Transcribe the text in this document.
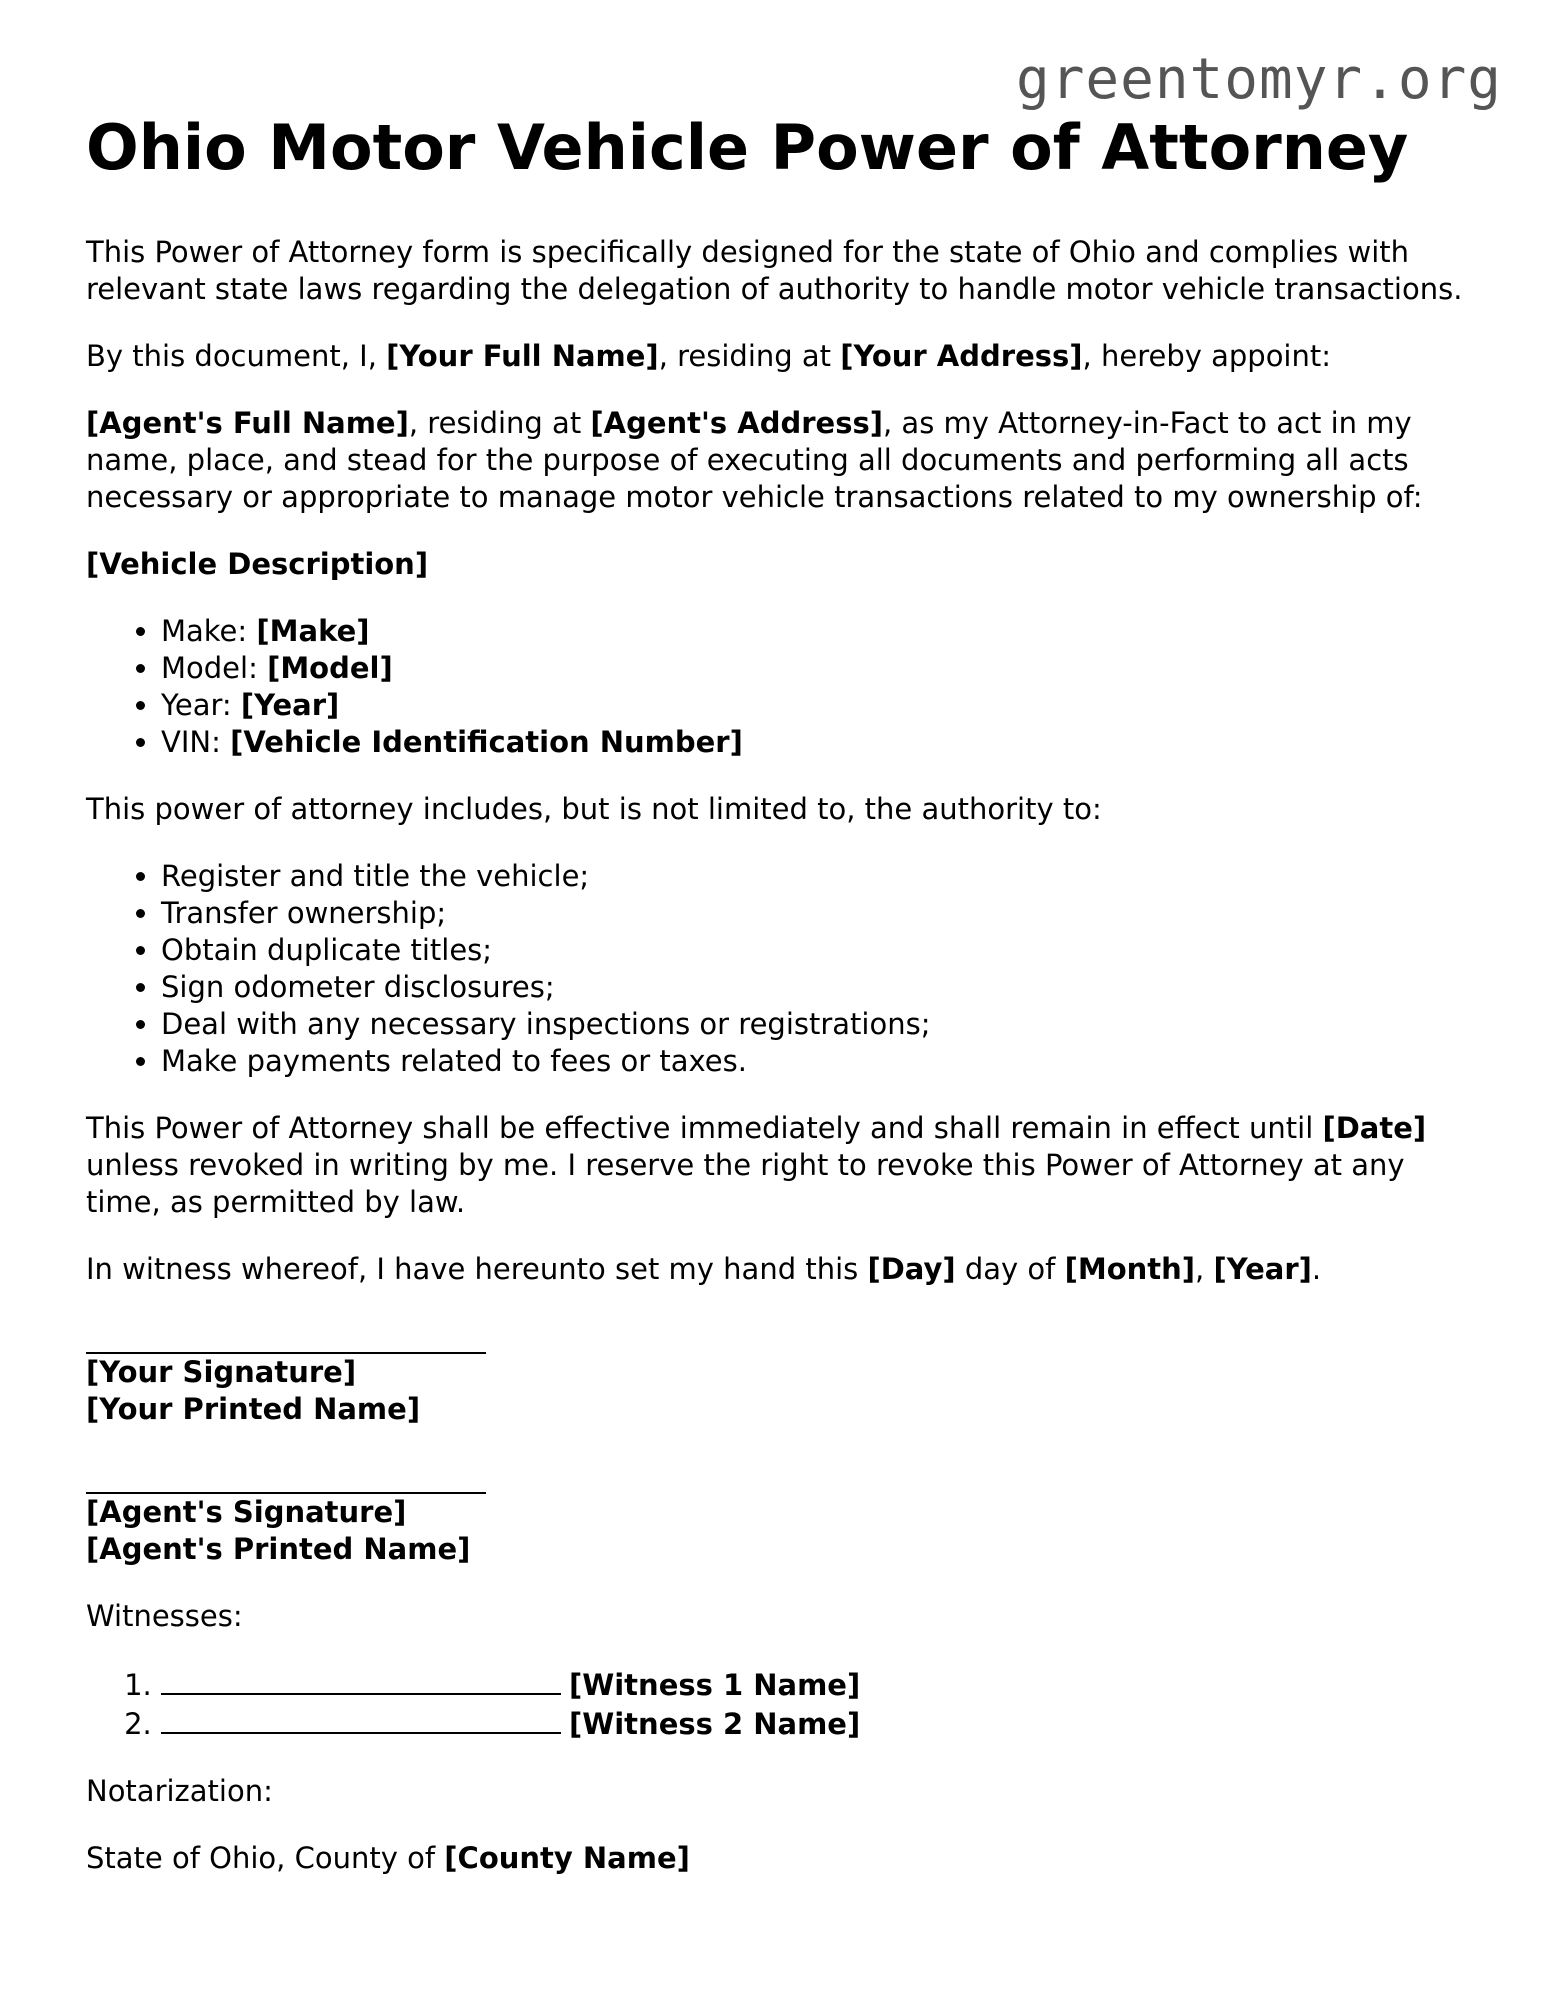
greentomyr.org
Ohio Motor Vehicle Power of Attorney

This Power of Attorney form is specifically designed for the state of Ohio and complies with relevant state laws regarding the delegation of authority to handle motor vehicle transactions.

By this document, I, [Your Full Name], residing at [Your Address], hereby appoint:

[Agent's Full Name], residing at [Agent's Address], as my Attorney-in-Fact to act in my name, place, and stead for the purpose of executing all documents and performing all acts necessary or appropriate to manage motor vehicle transactions related to my ownership of:

[Vehicle Description]

• Make: [Make]
• Model: [Model]
• Year: [Year]
• VIN: [Vehicle Identification Number]

This power of attorney includes, but is not limited to, the authority to:

• Register and title the vehicle;
• Transfer ownership;
• Obtain duplicate titles;
• Sign odometer disclosures;
• Deal with any necessary inspections or registrations;
• Make payments related to fees or taxes.

This Power of Attorney shall be effective immediately and shall remain in effect until [Date] unless revoked in writing by me. I reserve the right to revoke this Power of Attorney at any time, as permitted by law.

In witness whereof, I have hereunto set my hand this [Day] day of [Month], [Year].

[Your Signature]
[Your Printed Name]
[Agent's Signature]
[Agent's Printed Name]

Witnesses:

1. [Witness 1 Name]
2. [Witness 2 Name]

Notarization:

State of Ohio, County of [County Name]
